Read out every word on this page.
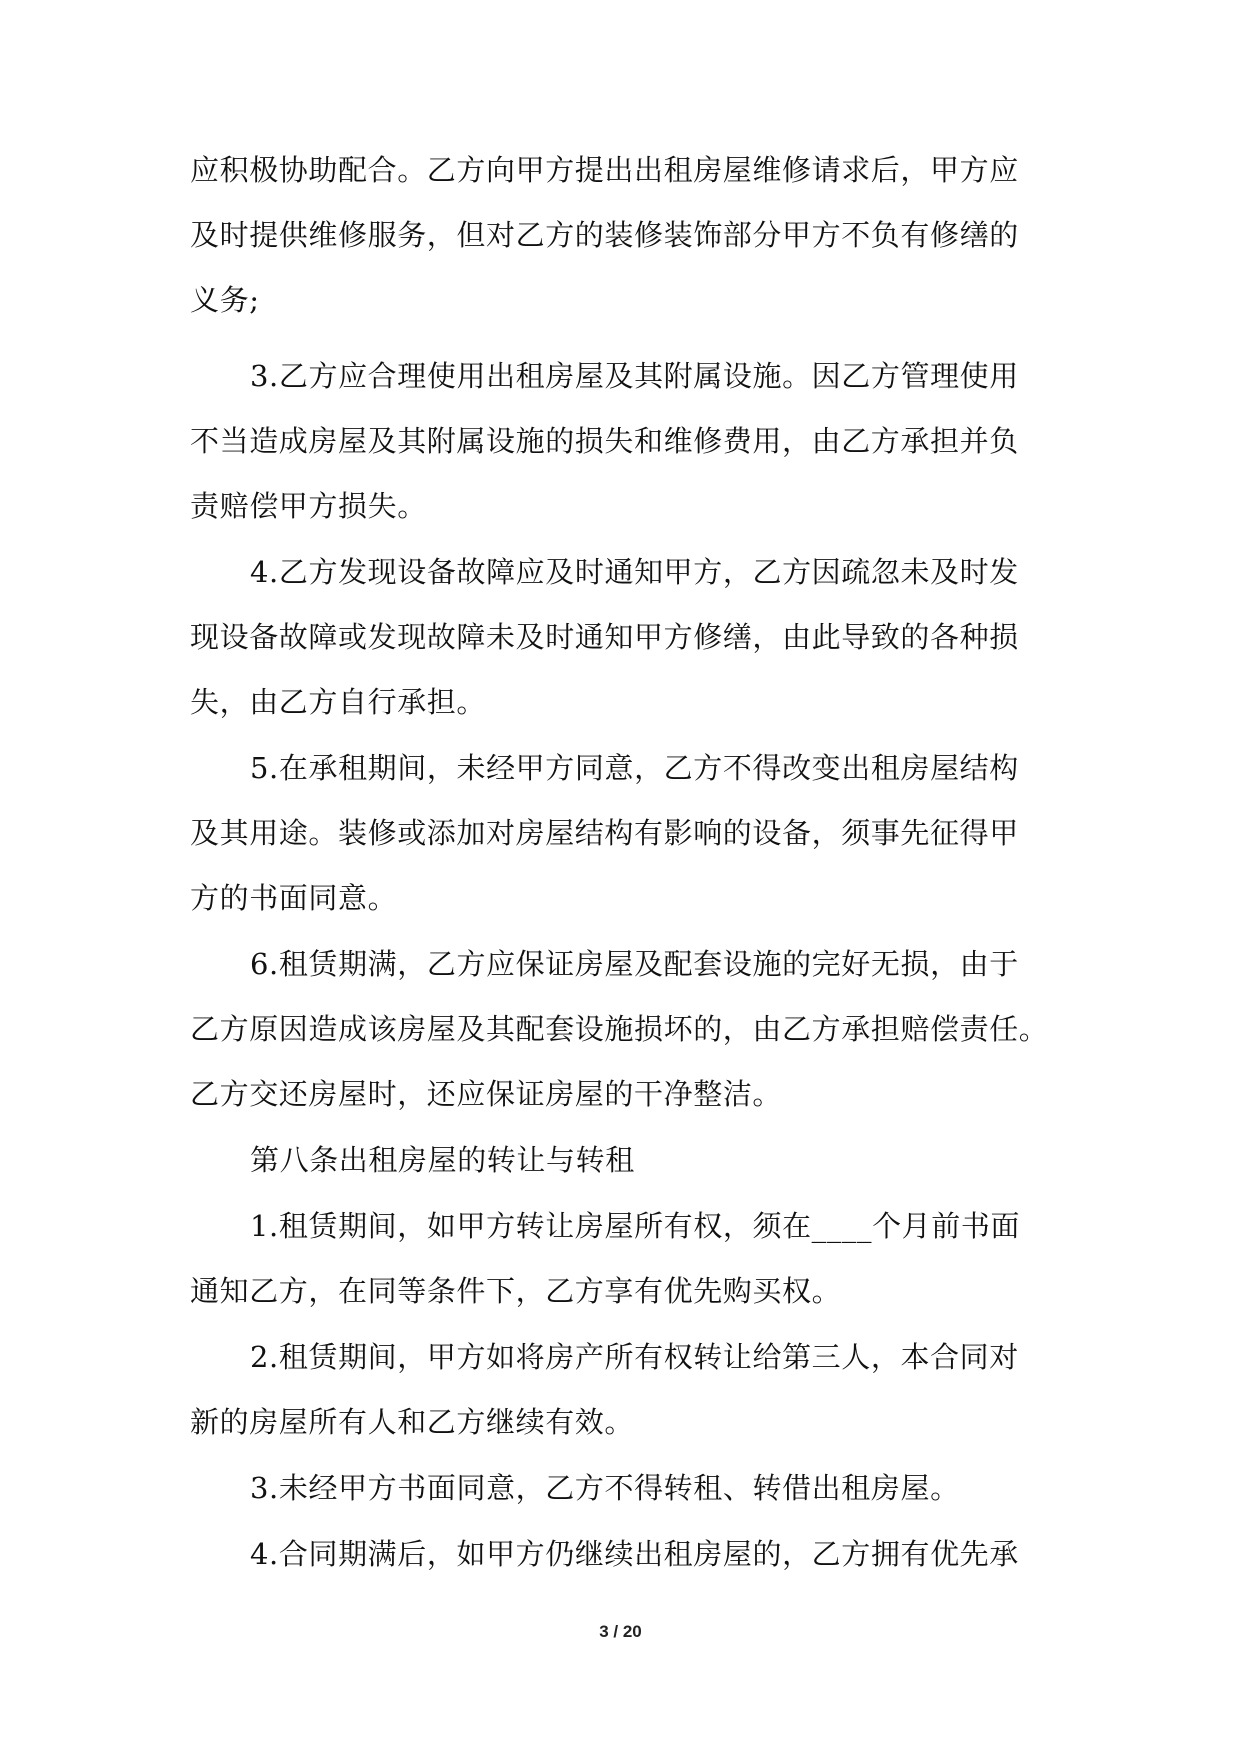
应积极协助配合。乙方向甲方提出出租房屋维修请求后，甲方应
及时提供维修服务，但对乙方的装修装饰部分甲方不负有修缮的
义务;
3.乙方应合理使用出租房屋及其附属设施。因乙方管理使用
不当造成房屋及其附属设施的损失和维修费用，由乙方承担并负
责赔偿甲方损失。
4.乙方发现设备故障应及时通知甲方，乙方因疏忽未及时发
现设备故障或发现故障未及时通知甲方修缮，由此导致的各种损
失，由乙方自行承担。
5.在承租期间，未经甲方同意，乙方不得改变出租房屋结构
及其用途。装修或添加对房屋结构有影响的设备，须事先征得甲
方的书面同意。
6.租赁期满，乙方应保证房屋及配套设施的完好无损，由于
乙方原因造成该房屋及其配套设施损坏的，由乙方承担赔偿责任。
乙方交还房屋时，还应保证房屋的干净整洁。
第八条出租房屋的转让与转租
1.租赁期间，如甲方转让房屋所有权，须在____个月前书面
通知乙方，在同等条件下，乙方享有优先购买权。
2.租赁期间，甲方如将房产所有权转让给第三人，本合同对
新的房屋所有人和乙方继续有效。
3.未经甲方书面同意，乙方不得转租、转借出租房屋。
4.合同期满后，如甲方仍继续出租房屋的，乙方拥有优先承
3 / 20
